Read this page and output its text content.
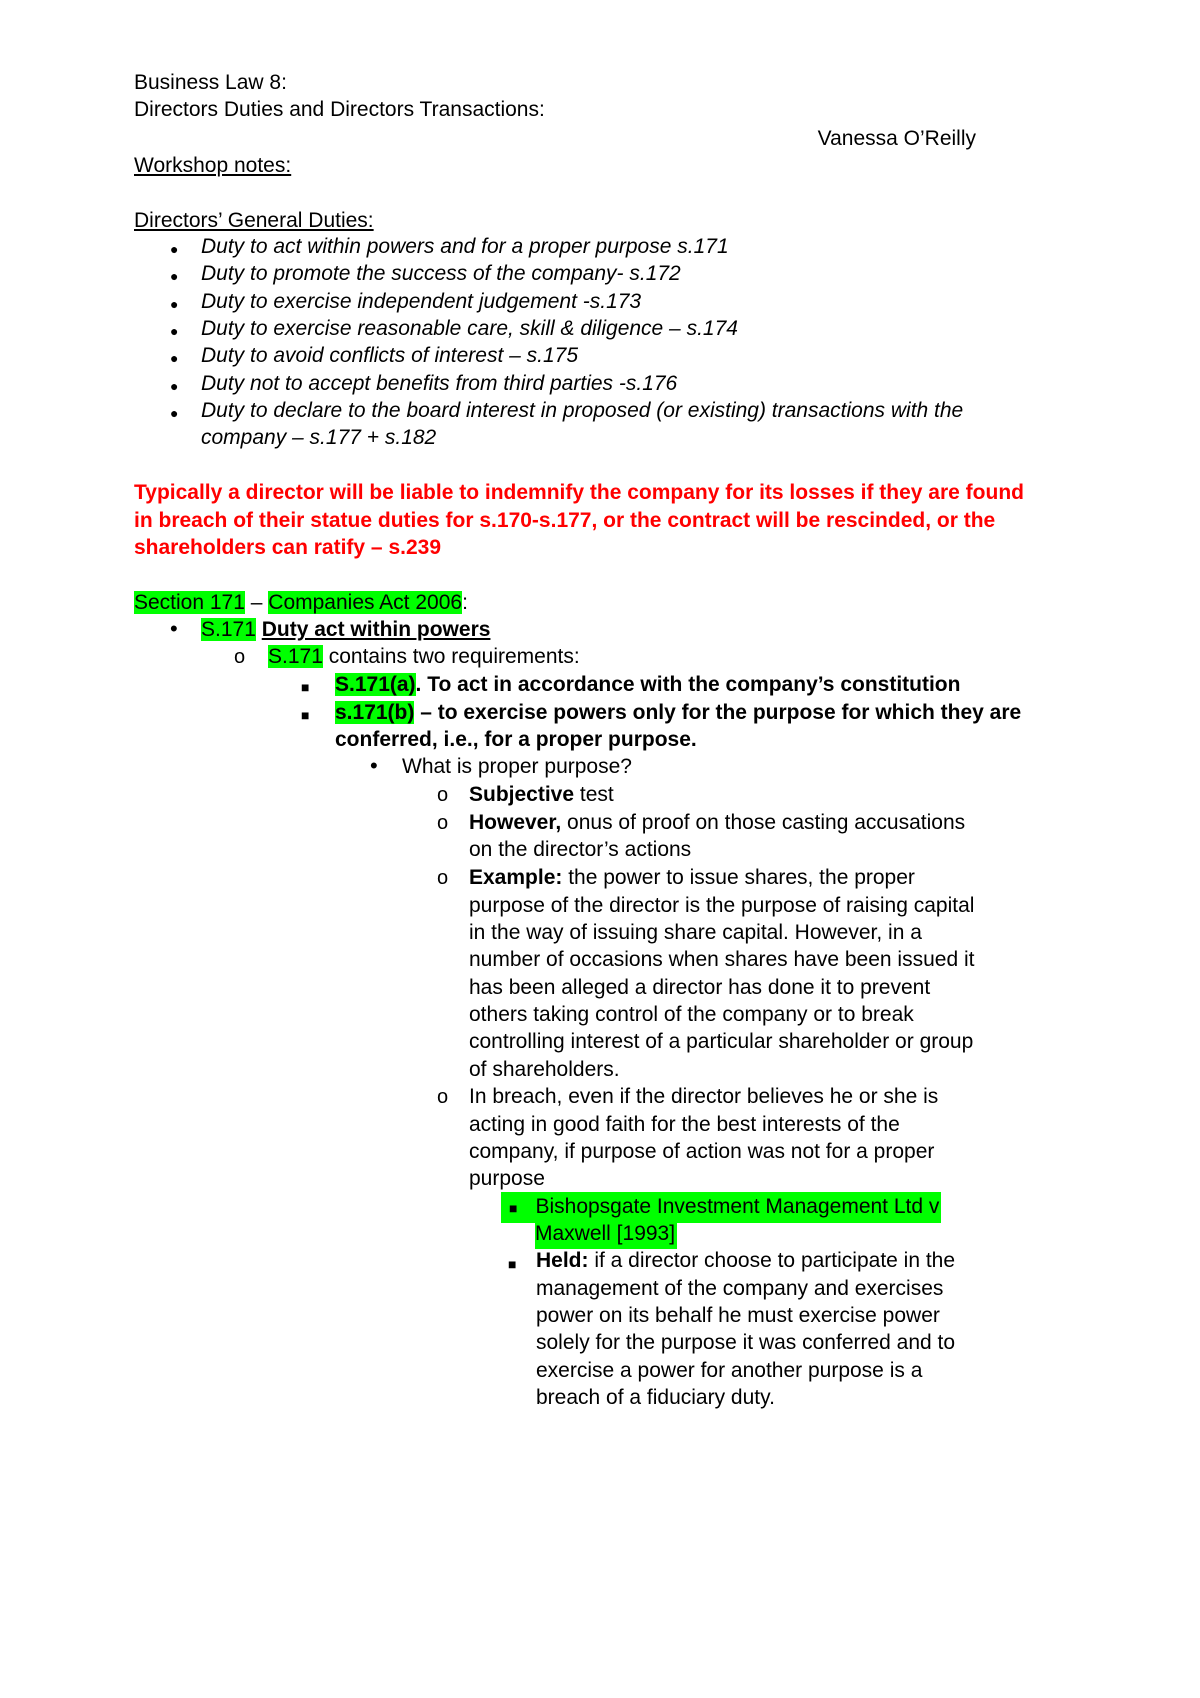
Business Law 8:
Directors Duties and Directors Transactions:
Vanessa O’Reilly
Workshop notes:
Directors’ General Duties:
● Duty to act within powers and for a proper purpose s.171
● Duty to promote the success of the company- s.172
● Duty to exercise independent judgement -s.173
● Duty to exercise reasonable care, skill & diligence – s.174
● Duty to avoid conflicts of interest – s.175
● Duty not to accept benefits from third parties -s.176
● Duty to declare to the board interest in proposed (or existing) transactions with the
company – s.177 + s.182
Typically a director will be liable to indemnify the company for its losses if they are found
in breach of their statue duties for s.170-s.177, or the contract will be rescinded, or the
shareholders can ratify – s.239
Section 171 – Companies Act 2006:
• S.171 Duty act within powers
o S.171 contains two requirements:
■ S.171(a). To act in accordance with the company’s constitution
■ s.171(b) – to exercise powers only for the purpose for which they are
conferred, i.e., for a proper purpose.
• What is proper purpose?
o Subjective test
o However, onus of proof on those casting accusations
on the director’s actions
o Example: the power to issue shares, the proper
purpose of the director is the purpose of raising capital
in the way of issuing share capital. However, in a
number of occasions when shares have been issued it
has been alleged a director has done it to prevent
others taking control of the company or to break
controlling interest of a particular shareholder or group
of shareholders.
o In breach, even if the director believes he or she is
acting in good faith for the best interests of the
company, if purpose of action was not for a proper
purpose
■ Bishopsgate Investment Management Ltd v
Maxwell [1993]
■ Held: if a director choose to participate in the
management of the company and exercises
power on its behalf he must exercise power
solely for the purpose it was conferred and to
exercise a power for another purpose is a
breach of a fiduciary duty.
